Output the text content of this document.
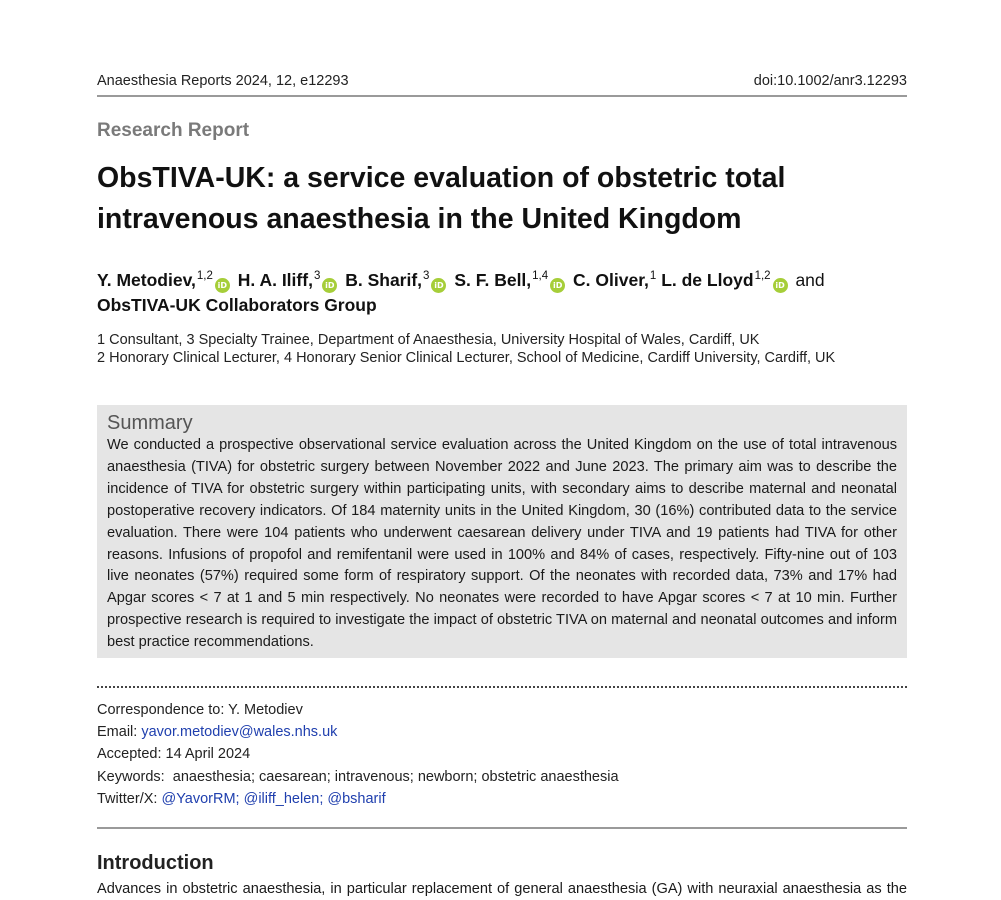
Anaesthesia Reports 2024, 12, e12293	doi:10.1002/anr3.12293
Research Report
ObsTIVA-UK: a service evaluation of obstetric total intravenous anaesthesia in the United Kingdom
Y. Metodiev,$^{1,2}$iD H. A. Iliff,$^3$iD B. Sharif,$^3$iD S. F. Bell,$^{1,4}$iD C. Oliver,$^1$ L. de Lloyd$^{1,2}$iD and
ObsTIVA-UK Collaborators Group
1 Consultant, 3 Specialty Trainee, Department of Anaesthesia, University Hospital of Wales, Cardiff, UK
2 Honorary Clinical Lecturer, 4 Honorary Senior Clinical Lecturer, School of Medicine, Cardiff University, Cardiff, UK
Summary

We conducted a prospective observational service evaluation across the United Kingdom on the use of total intravenous anaesthesia (TIVA) for obstetric surgery between November 2022 and June 2023. The primary aim was to describe the incidence of TIVA for obstetric surgery within participating units, with secondary aims to describe maternal and neonatal postoperative recovery indicators. Of 184 maternity units in the United Kingdom, 30 (16%) contributed data to the service evaluation. There were 104 patients who underwent caesarean delivery under TIVA and 19 patients had TIVA for other reasons. Infusions of propofol and remifentanil were used in 100% and 84% of cases, respectively. Fifty-nine out of 103 live neonates (57%) required some form of respiratory support. Of the neonates with recorded data, 73% and 17% had Apgar scores < 7 at 1 and 5 min respectively. No neonates were recorded to have Apgar scores < 7 at 10 min. Further prospective research is required to investigate the impact of obstetric TIVA on maternal and neonatal outcomes and inform best practice recommendations.

Correspondence to: Y. Metodiev
Email: yavor.metodiev@wales.nhs.uk
Accepted: 14 April 2024
Keywords: anaesthesia; caesarean; intravenous; newborn; obstetric anaesthesia
Twitter/X: @YavorRM; @iliff_helen; @bsharif
Introduction
Advances in obstetric anaesthesia, in particular replacement of general anaesthesia (GA) with neuraxial anaesthesia as the
